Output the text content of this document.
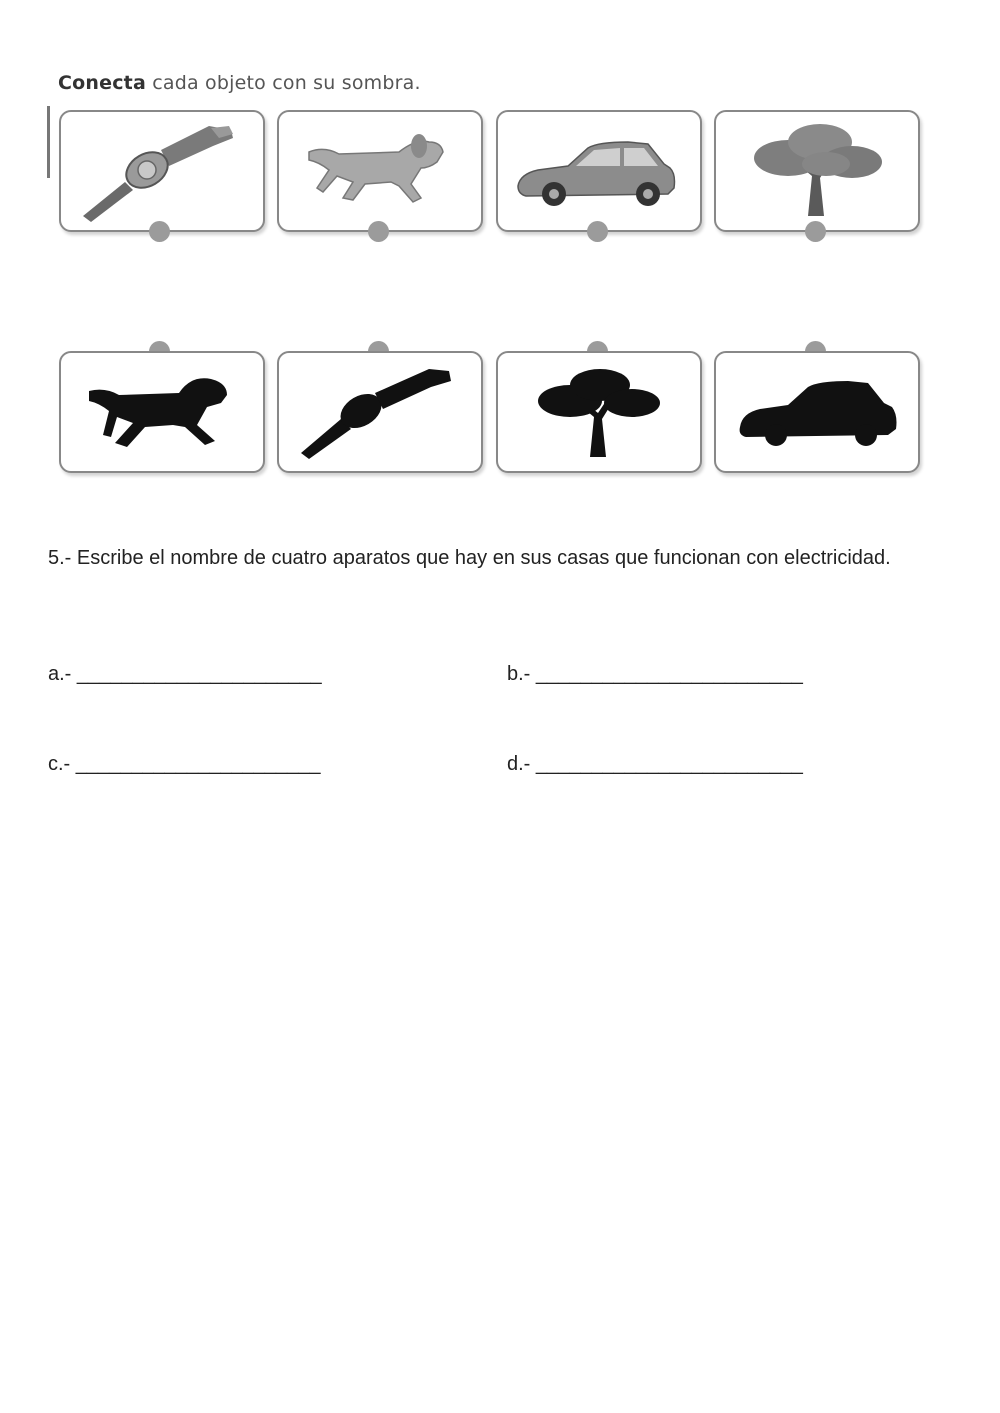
Conecta cada objeto con su sombra.
5.- Escribe el nombre de cuatro aparatos que hay en sus casas que funcionan con electricidad.
a.- ______________________	b.- ________________________
c.- ______________________	d.- ________________________
